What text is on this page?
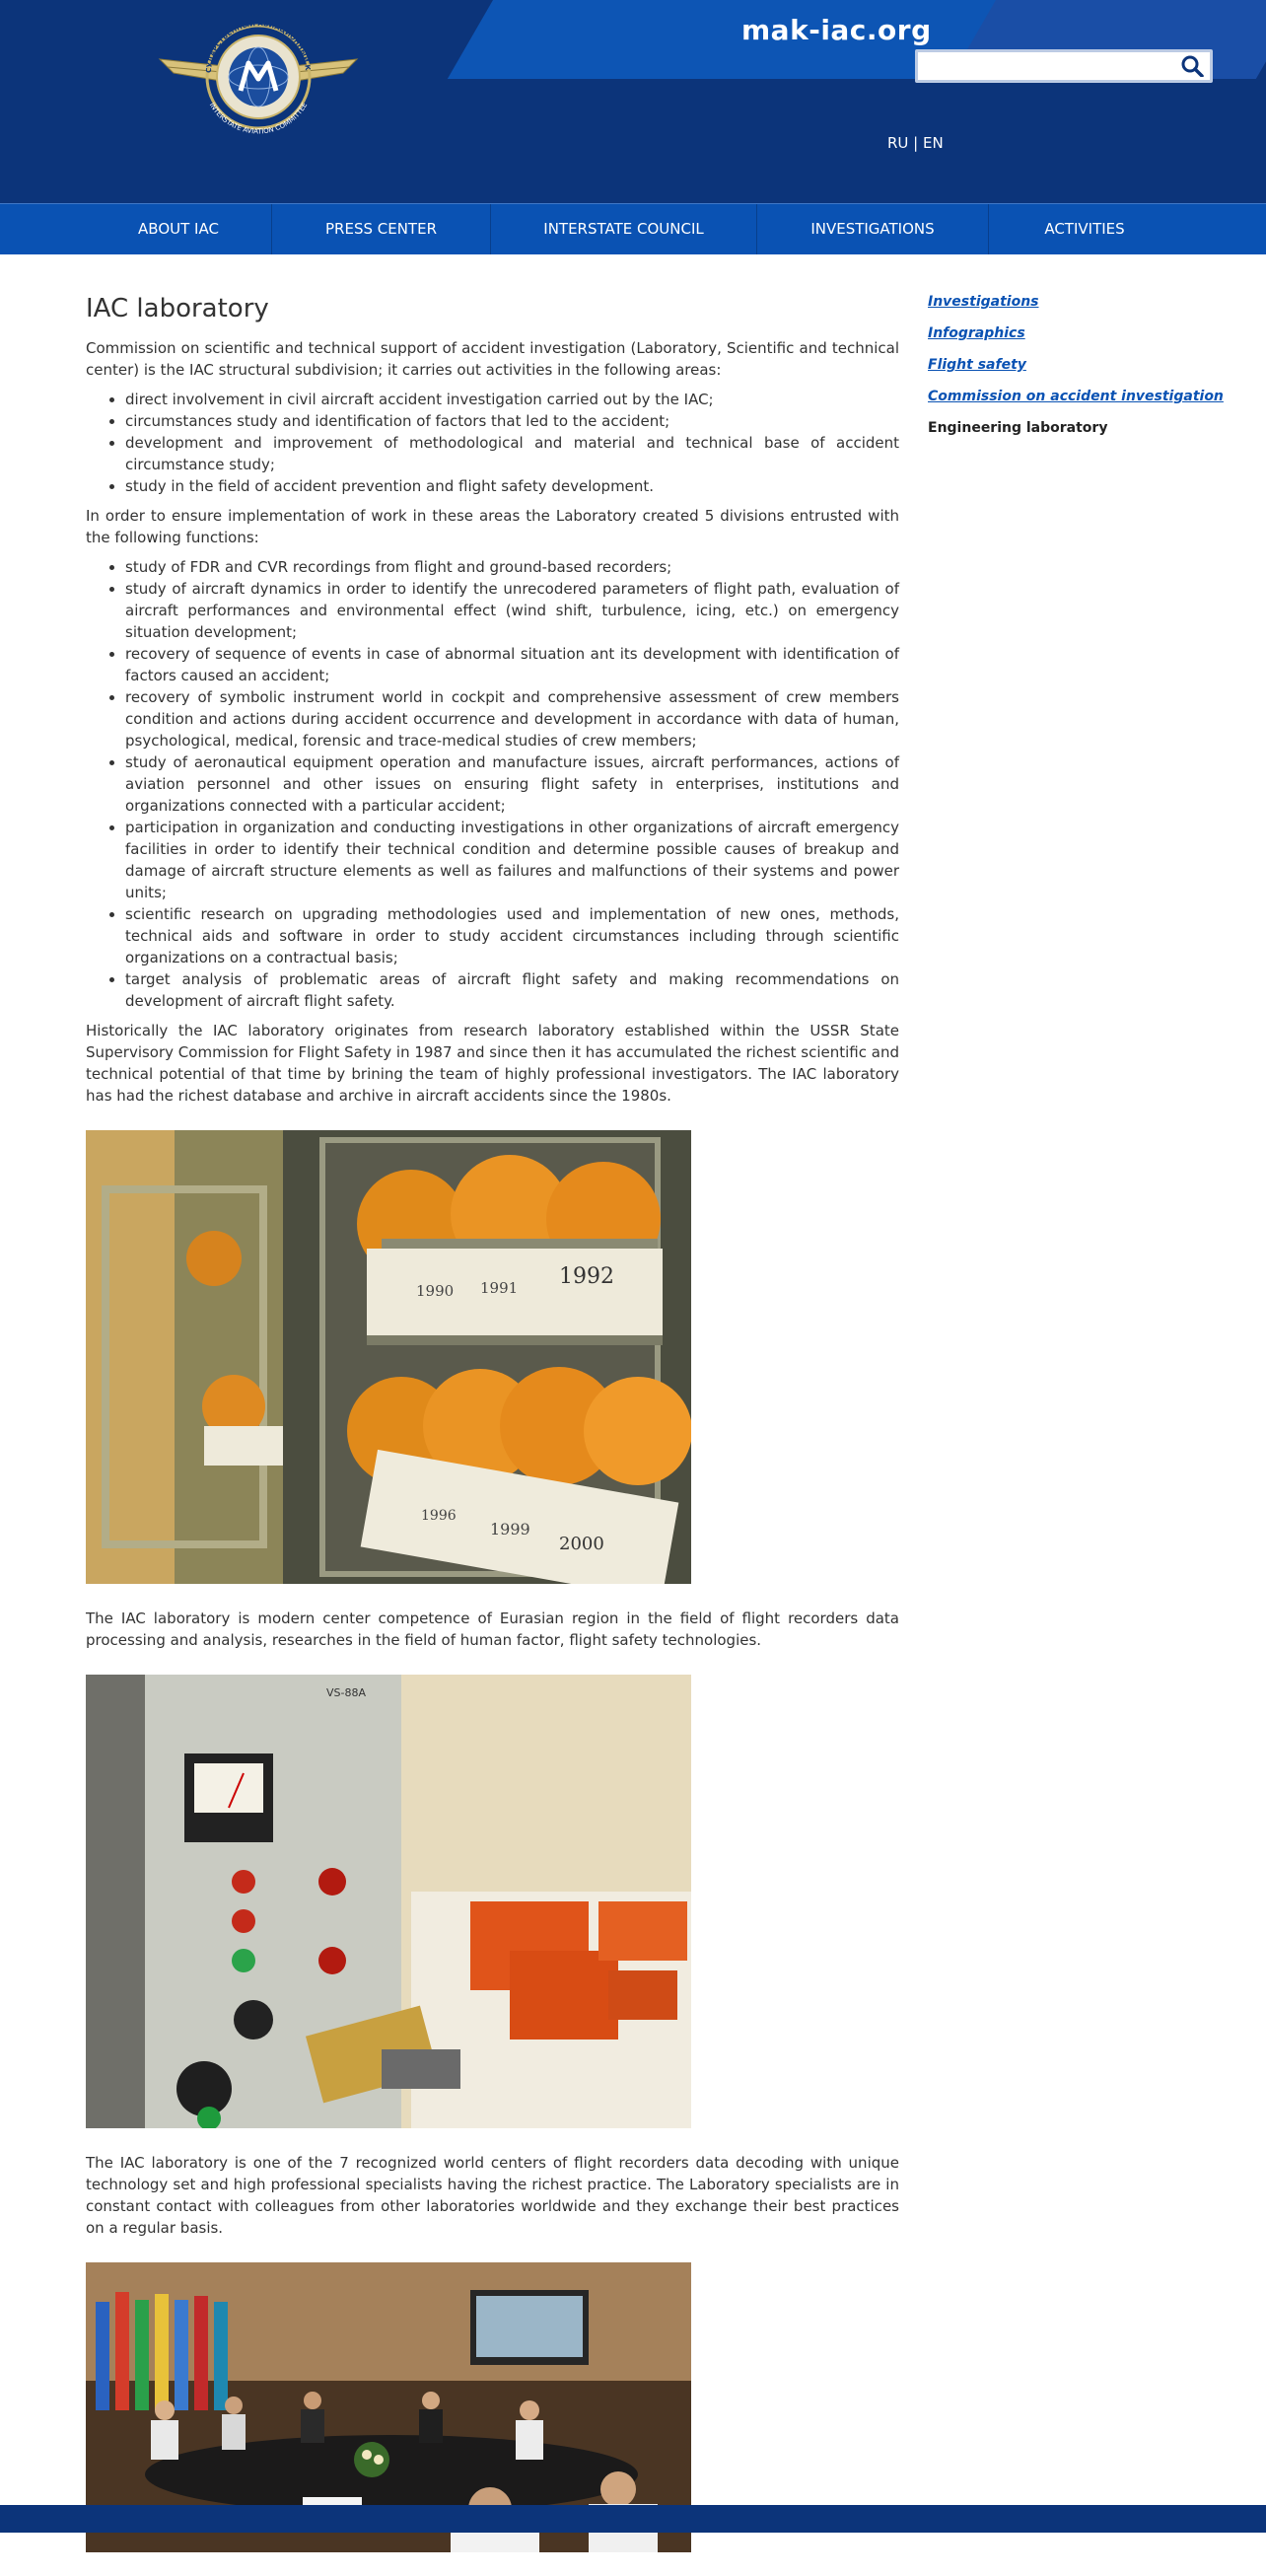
СУДАРСТВЕННЫЙ АВИАЦИОННЫЙ К
INTERSTATE AVIATION COMMITTEE
mak-iac.org
RU | EN
ABOUT IAC	PRESS CENTER	INTERSTATE COUNCIL	INVESTIGATIONS	ACTIVITIES
IAC laboratory

Commission on scientific and technical support of accident investigation (Laboratory, Scientific and technical center) is the IAC structural subdivision; it carries out activities in the following areas:

• direct involvement in civil aircraft accident investigation carried out by the IAC;
• circumstances study and identification of factors that led to the accident;
• development and improvement of methodological and material and technical base of accident circumstance study;
• study in the field of accident prevention and flight safety development.

In order to ensure implementation of work in these areas the Laboratory created 5 divisions entrusted with the following functions:

• study of FDR and CVR recordings from flight and ground-based recorders;
• study of aircraft dynamics in order to identify the unrecodered parameters of flight path, evaluation of aircraft performances and environmental effect (wind shift, turbulence, icing, etc.) on emergency situation development;
• recovery of sequence of events in case of abnormal situation ant its development with identification of factors caused an accident;
• recovery of symbolic instrument world in cockpit and comprehensive assessment of crew members condition and actions during accident occurrence and development in accordance with data of human, psychological, medical, forensic and trace-medical studies of crew members;
• study of aeronautical equipment operation and manufacture issues, aircraft performances, actions of aviation personnel and other issues on ensuring flight safety in enterprises, institutions and organizations connected with a particular accident;
• participation in organization and conducting investigations in other organizations of aircraft emergency facilities in order to identify their technical condition and determine possible causes of breakup and damage of aircraft structure elements as well as failures and malfunctions of their systems and power units;
• scientific research on upgrading methodologies used and implementation of new ones, methods, technical aids and software in order to study accident circumstances including through scientific organizations on a contractual basis;
• target analysis of problematic areas of aircraft flight safety and making recommendations on development of aircraft flight safety.

Historically the IAC laboratory originates from research laboratory established within the USSR State Supervisory Commission for Flight Safety in 1987 and since then it has accumulated the richest scientific and technical potential of that time by brining the team of highly professional investigators. The IAC laboratory has had the richest database and archive in aircraft accidents since the 1980s.

1990 1991 1992
1996
1999
2000

The IAC laboratory is modern center competence of Eurasian region in the field of flight recorders data processing and analysis, researches in the field of human factor, flight safety technologies.

VS-88A

The IAC laboratory is one of the 7 recognized world centers of flight recorders data decoding with unique technology set and high professional specialists having the richest practice. The Laboratory specialists are in constant contact with colleagues from other laboratories worldwide and they exchange their best practices on a regular basis.

Investigations
Infographics
Flight safety
Commission on accident investigation
Engineering laboratory
